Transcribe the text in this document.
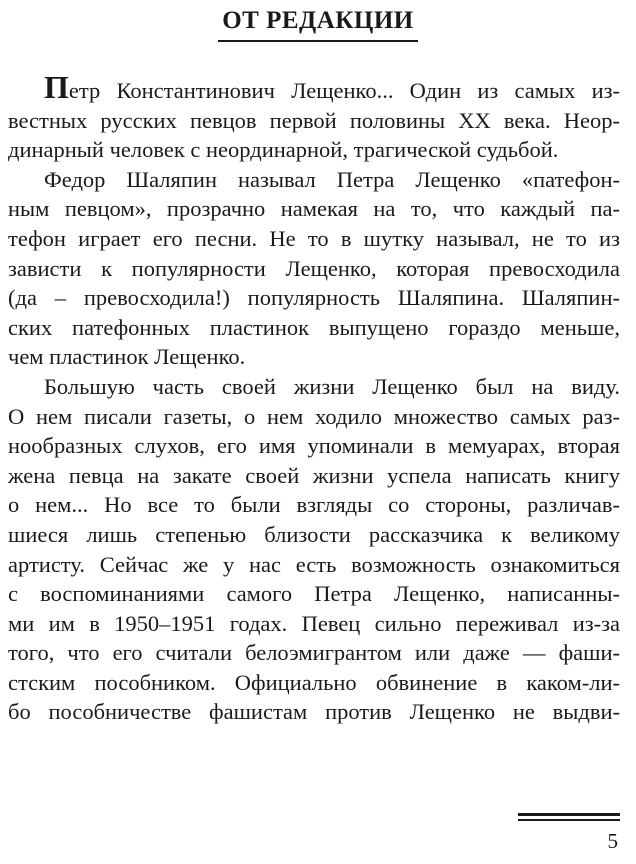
ОТ РЕДАКЦИИ
Петр Константинович Лещенко... Один из самых из-
вестных русских певцов первой половины XX века. Неор-
динарный человек с неординарной, трагической судьбой.
Федор Шаляпин называл Петра Лещенко «патефон-
ным певцом», прозрачно намекая на то, что каждый па-
тефон играет его песни. Не то в шутку называл, не то из
зависти к популярности Лещенко, которая превосходила
(да – превосходила!) популярность Шаляпина. Шаляпин-
ских патефонных пластинок выпущено гораздо меньше,
чем пластинок Лещенко.
Большую часть своей жизни Лещенко был на виду.
О нем писали газеты, о нем ходило множество самых раз-
нообразных слухов, его имя упоминали в мемуарах, вторая
жена певца на закате своей жизни успела написать книгу
о нем... Но все то были взгляды со стороны, различав-
шиеся лишь степенью близости рассказчика к великому
артисту. Сейчас же у нас есть возможность ознакомиться
с воспоминаниями самого Петра Лещенко, написанны-
ми им в 1950–1951 годах. Певец сильно переживал из-за
того, что его считали белоэмигрантом или даже — фаши-
стским пособником. Официально обвинение в каком-ли-
бо пособничестве фашистам против Лещенко не выдви-
5
